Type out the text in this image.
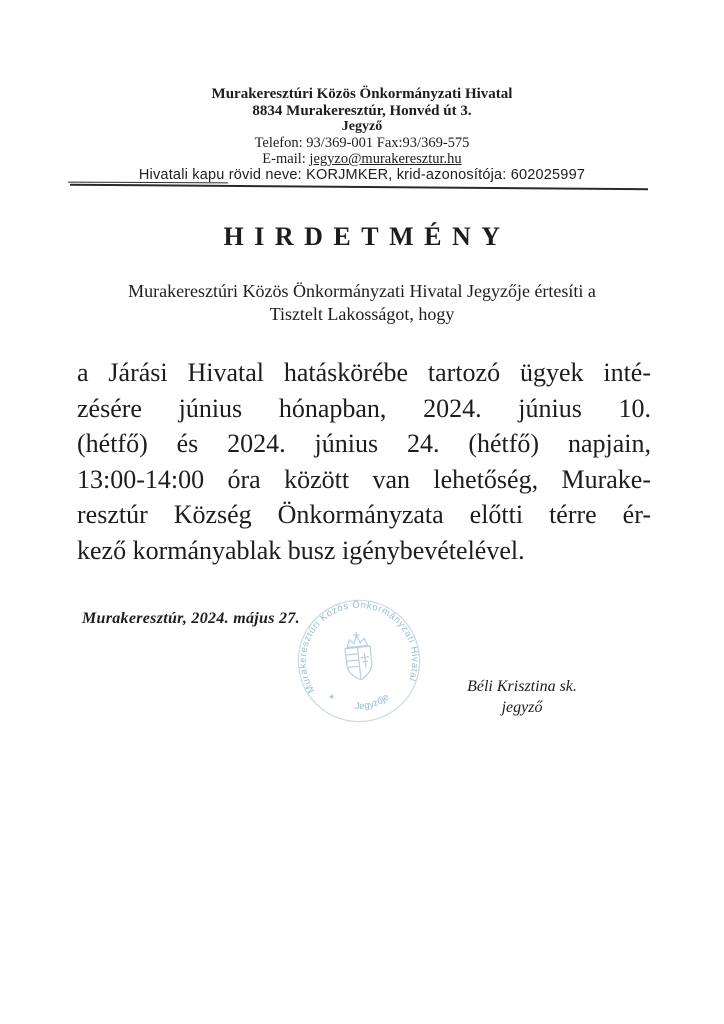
Murakeresztúri Közös Önkormányzati Hivatal
8834 Murakeresztúr, Honvéd út 3.
Jegyző
Telefon: 93/369-001 Fax:93/369-575
E-mail: jegyzo@murakeresztur.hu
Hivatali kapu rövid neve: KORJMKER, krid-azonosítója: 602025997
HIRDETMÉNY
Murakeresztúri Közös Önkormányzati Hivatal Jegyzője értesíti a
Tisztelt Lakosságot, hogy
a Járási Hivatal hatáskörébe tartozó ügyek inté-
zésére június hónapban, 2024. június 10.
(hétfő) és 2024. június 24. (hétfő) napjain,
13:00-14:00 óra között van lehetőség, Murake-
resztúr Község Önkormányzata előtti térre ér-
kező kormányablak busz igénybevételével.
Murakeresztúr, 2024. május 27.
Murakeresztúri Közös Önkormányzati Hivatal
Jegyzője
✶
Béli Krisztina sk.
jegyző
